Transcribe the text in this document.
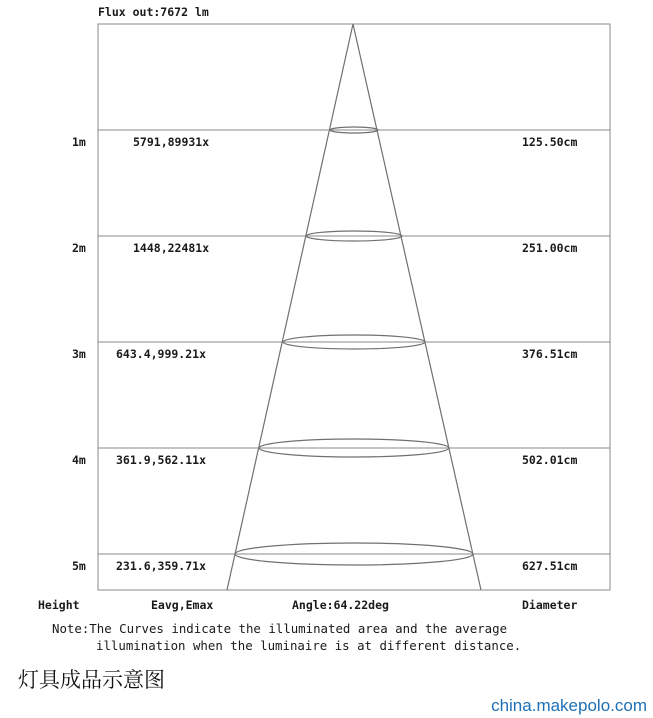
Flux out:7672 lm
1m	5791,89931x	125.50cm
2m	1448,22481x	251.00cm
3m	643.4,999.21x	376.51cm
4m	361.9,562.11x	502.01cm
5m	231.6,359.71x	627.51cm
Height	Eavg,Emax	Angle:64.22deg	Diameter
Note:The Curves indicate the illuminated area and the average
illumination when the luminaire is at different distance.
灯具成品示意图
china.makepolo.com
